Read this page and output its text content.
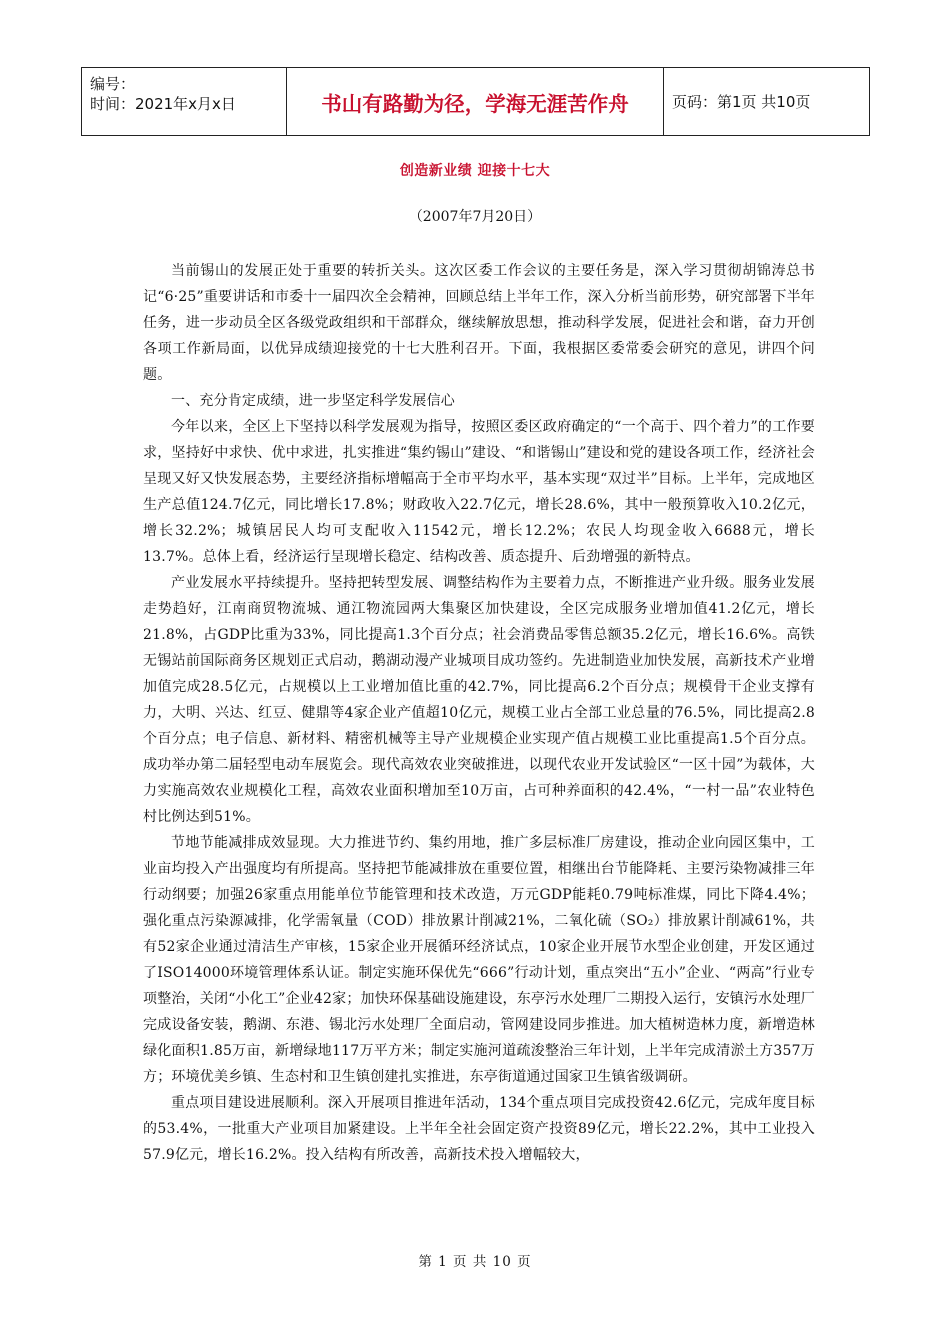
编号：
时间：2021年x月x日	书山有路勤为径，学海无涯苦作舟	页码：第1页 共10页
创造新业绩 迎接十七大
（2007年7月20日）

当前锡山的发展正处于重要的转折关头。这次区委工作会议的主要任务是，深入学习贯彻胡锦涛总书记“6·25”重要讲话和市委十一届四次全会精神，回顾总结上半年工作，深入分析当前形势，研究部署下半年任务，进一步动员全区各级党政组织和干部群众，继续解放思想，推动科学发展，促进社会和谐，奋力开创各项工作新局面，以优异成绩迎接党的十七大胜利召开。下面，我根据区委常委会研究的意见，讲四个问题。

一、充分肯定成绩，进一步坚定科学发展信心

今年以来，全区上下坚持以科学发展观为指导，按照区委区政府确定的“一个高于、四个着力”的工作要求，坚持好中求快、优中求进，扎实推进“集约锡山”建设、“和谐锡山”建设和党的建设各项工作，经济社会呈现又好又快发展态势，主要经济指标增幅高于全市平均水平，基本实现“双过半”目标。上半年，完成地区生产总值124.7亿元，同比增长17.8%；财政收入22.7亿元，增长28.6%，其中一般预算收入10.2亿元，增长32.2%；城镇居民人均可支配收入11542元，增长12.2%；农民人均现金收入6688元，增长13.7%。总体上看，经济运行呈现增长稳定、结构改善、质态提升、后劲增强的新特点。

产业发展水平持续提升。坚持把转型发展、调整结构作为主要着力点，不断推进产业升级。服务业发展走势趋好，江南商贸物流城、通江物流园两大集聚区加快建设，全区完成服务业增加值41.2亿元，增长21.8%，占GDP比重为33%，同比提高1.3个百分点；社会消费品零售总额35.2亿元，增长16.6%。高铁无锡站前国际商务区规划正式启动，鹅湖动漫产业城项目成功签约。先进制造业加快发展，高新技术产业增加值完成28.5亿元，占规模以上工业增加值比重的42.7%，同比提高6.2个百分点；规模骨干企业支撑有力，大明、兴达、红豆、健鼎等4家企业产值超10亿元，规模工业占全部工业总量的76.5%，同比提高2.8个百分点；电子信息、新材料、精密机械等主导产业规模企业实现产值占规模工业比重提高1.5个百分点。成功举办第二届轻型电动车展览会。现代高效农业突破推进，以现代农业开发试验区“一区十园”为载体，大力实施高效农业规模化工程，高效农业面积增加至10万亩，占可种养面积的42.4%，“一村一品”农业特色村比例达到51%。

节地节能减排成效显现。大力推进节约、集约用地，推广多层标准厂房建设，推动企业向园区集中，工业亩均投入产出强度均有所提高。坚持把节能减排放在重要位置，相继出台节能降耗、主要污染物减排三年行动纲要；加强26家重点用能单位节能管理和技术改造，万元GDP能耗0.79吨标准煤，同比下降4.4%；强化重点污染源减排，化学需氧量（COD）排放累计削减21%，二氧化硫（SO₂）排放累计削减61%，共有52家企业通过清洁生产审核，15家企业开展循环经济试点，10家企业开展节水型企业创建，开发区通过了ISO14000环境管理体系认证。制定实施环保优先“666”行动计划，重点突出“五小”企业、“两高”行业专项整治，关闭“小化工”企业42家；加快环保基础设施建设，东亭污水处理厂二期投入运行，安镇污水处理厂完成设备安装，鹅湖、东港、锡北污水处理厂全面启动，管网建设同步推进。加大植树造林力度，新增造林绿化面积1.85万亩，新增绿地117万平方米；制定实施河道疏浚整治三年计划，上半年完成清淤土方357万方；环境优美乡镇、生态村和卫生镇创建扎实推进，东亭街道通过国家卫生镇省级调研。

重点项目建设进展顺利。深入开展项目推进年活动，134个重点项目完成投资42.6亿元，完成年度目标的53.4%，一批重大产业项目加紧建设。上半年全社会固定资产投资89亿元，增长22.2%，其中工业投入57.9亿元，增长16.2%。投入结构有所改善，高新技术投入增幅较大，

第 1 页 共 10 页
